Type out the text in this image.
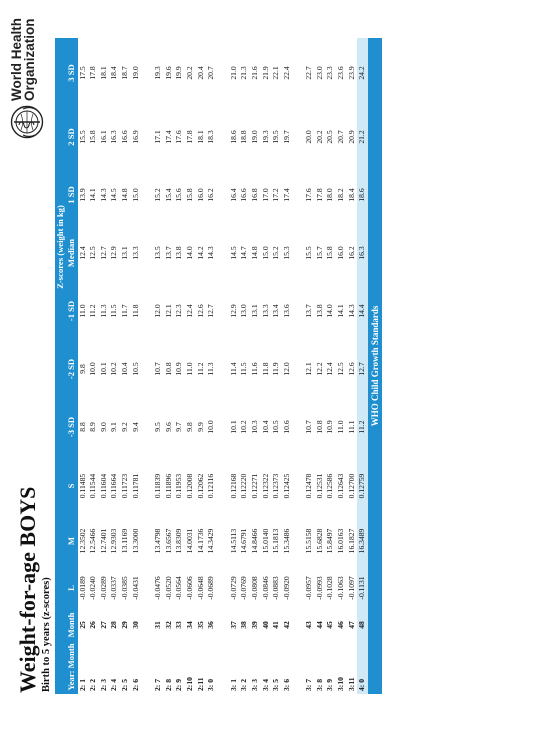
Weight-for-age BOYS Birth to 5 years (z-scores)
World Health
Organization
					Z-scores (weight in kg)						
Year: Month	Month	L	M	S	-3 SD	-2 SD	-1 SD	Median	1 SD	2 SD	3 SD
2: 1	25	-0.0189	12.3502	0.11485	8.8	9.8	11.0	12.4	13.9	15.5	17.5
2: 2	26	-0.0240	12.5466	0.11544	8.9	10.0	11.2	12.5	14.1	15.8	17.8
2: 3	27	-0.0289	12.7401	0.11604	9.0	10.1	11.3	12.7	14.3	16.1	18.1
2: 4	28	-0.0337	12.9303	0.11664	9.1	10.2	11.5	12.9	14.5	16.3	18.4
2: 5	29	-0.0385	13.1169	0.11723	9.2	10.4	11.7	13.1	14.8	16.6	18.7
2: 6	30	-0.0431	13.3000	0.11781	9.4	10.5	11.8	13.3	15.0	16.9	19.0

2: 7	31	-0.0476	13.4798	0.11839	9.5	10.7	12.0	13.5	15.2	17.1	19.3
2: 8	32	-0.0520	13.6567	0.11896	9.6	10.8	12.1	13.7	15.4	17.4	19.6
2: 9	33	-0.0564	13.8309	0.11953	9.7	10.9	12.3	13.8	15.6	17.6	19.9
2:10	34	-0.0606	14.0031	0.12008	9.8	11.0	12.4	14.0	15.8	17.8	20.2
2:11	35	-0.0648	14.1736	0.12062	9.9	11.2	12.6	14.2	16.0	18.1	20.4
3: 0	36	-0.0689	14.3429	0.12116	10.0	11.3	12.7	14.3	16.2	18.3	20.7

3: 1	37	-0.0729	14.5113	0.12168	10.1	11.4	12.9	14.5	16.4	18.6	21.0
3: 2	38	-0.0769	14.6791	0.12220	10.2	11.5	13.0	14.7	16.6	18.8	21.3
3: 3	39	-0.0808	14.8466	0.12271	10.3	11.6	13.1	14.8	16.8	19.0	21.6
3: 4	40	-0.0846	15.0140	0.12322	10.4	11.8	13.3	15.0	17.0	19.3	21.9
3: 5	41	-0.0883	15.1813	0.12373	10.5	11.9	13.4	15.2	17.2	19.5	22.1
3: 6	42	-0.0920	15.3486	0.12425	10.6	12.0	13.6	15.3	17.4	19.7	22.4

3: 7	43	-0.0957	15.5158	0.12478	10.7	12.1	13.7	15.5	17.6	20.0	22.7
3: 8	44	-0.0993	15.6828	0.12531	10.8	12.2	13.8	15.7	17.8	20.2	23.0
3: 9	45	-0.1028	15.8497	0.12586	10.9	12.4	14.0	15.8	18.0	20.5	23.3
3:10	46	-0.1063	16.0163	0.12643	11.0	12.5	14.1	16.0	18.2	20.7	23.6
3:11	47	-0.1097	16.1827	0.12700	11.1	12.6	14.3	16.2	18.4	20.9	23.9
4: 0	48	-0.1131	16.3489	0.12759	11.2	12.7	14.4	16.3	18.6	21.2	24.2
WHO Child Growth Standards											
